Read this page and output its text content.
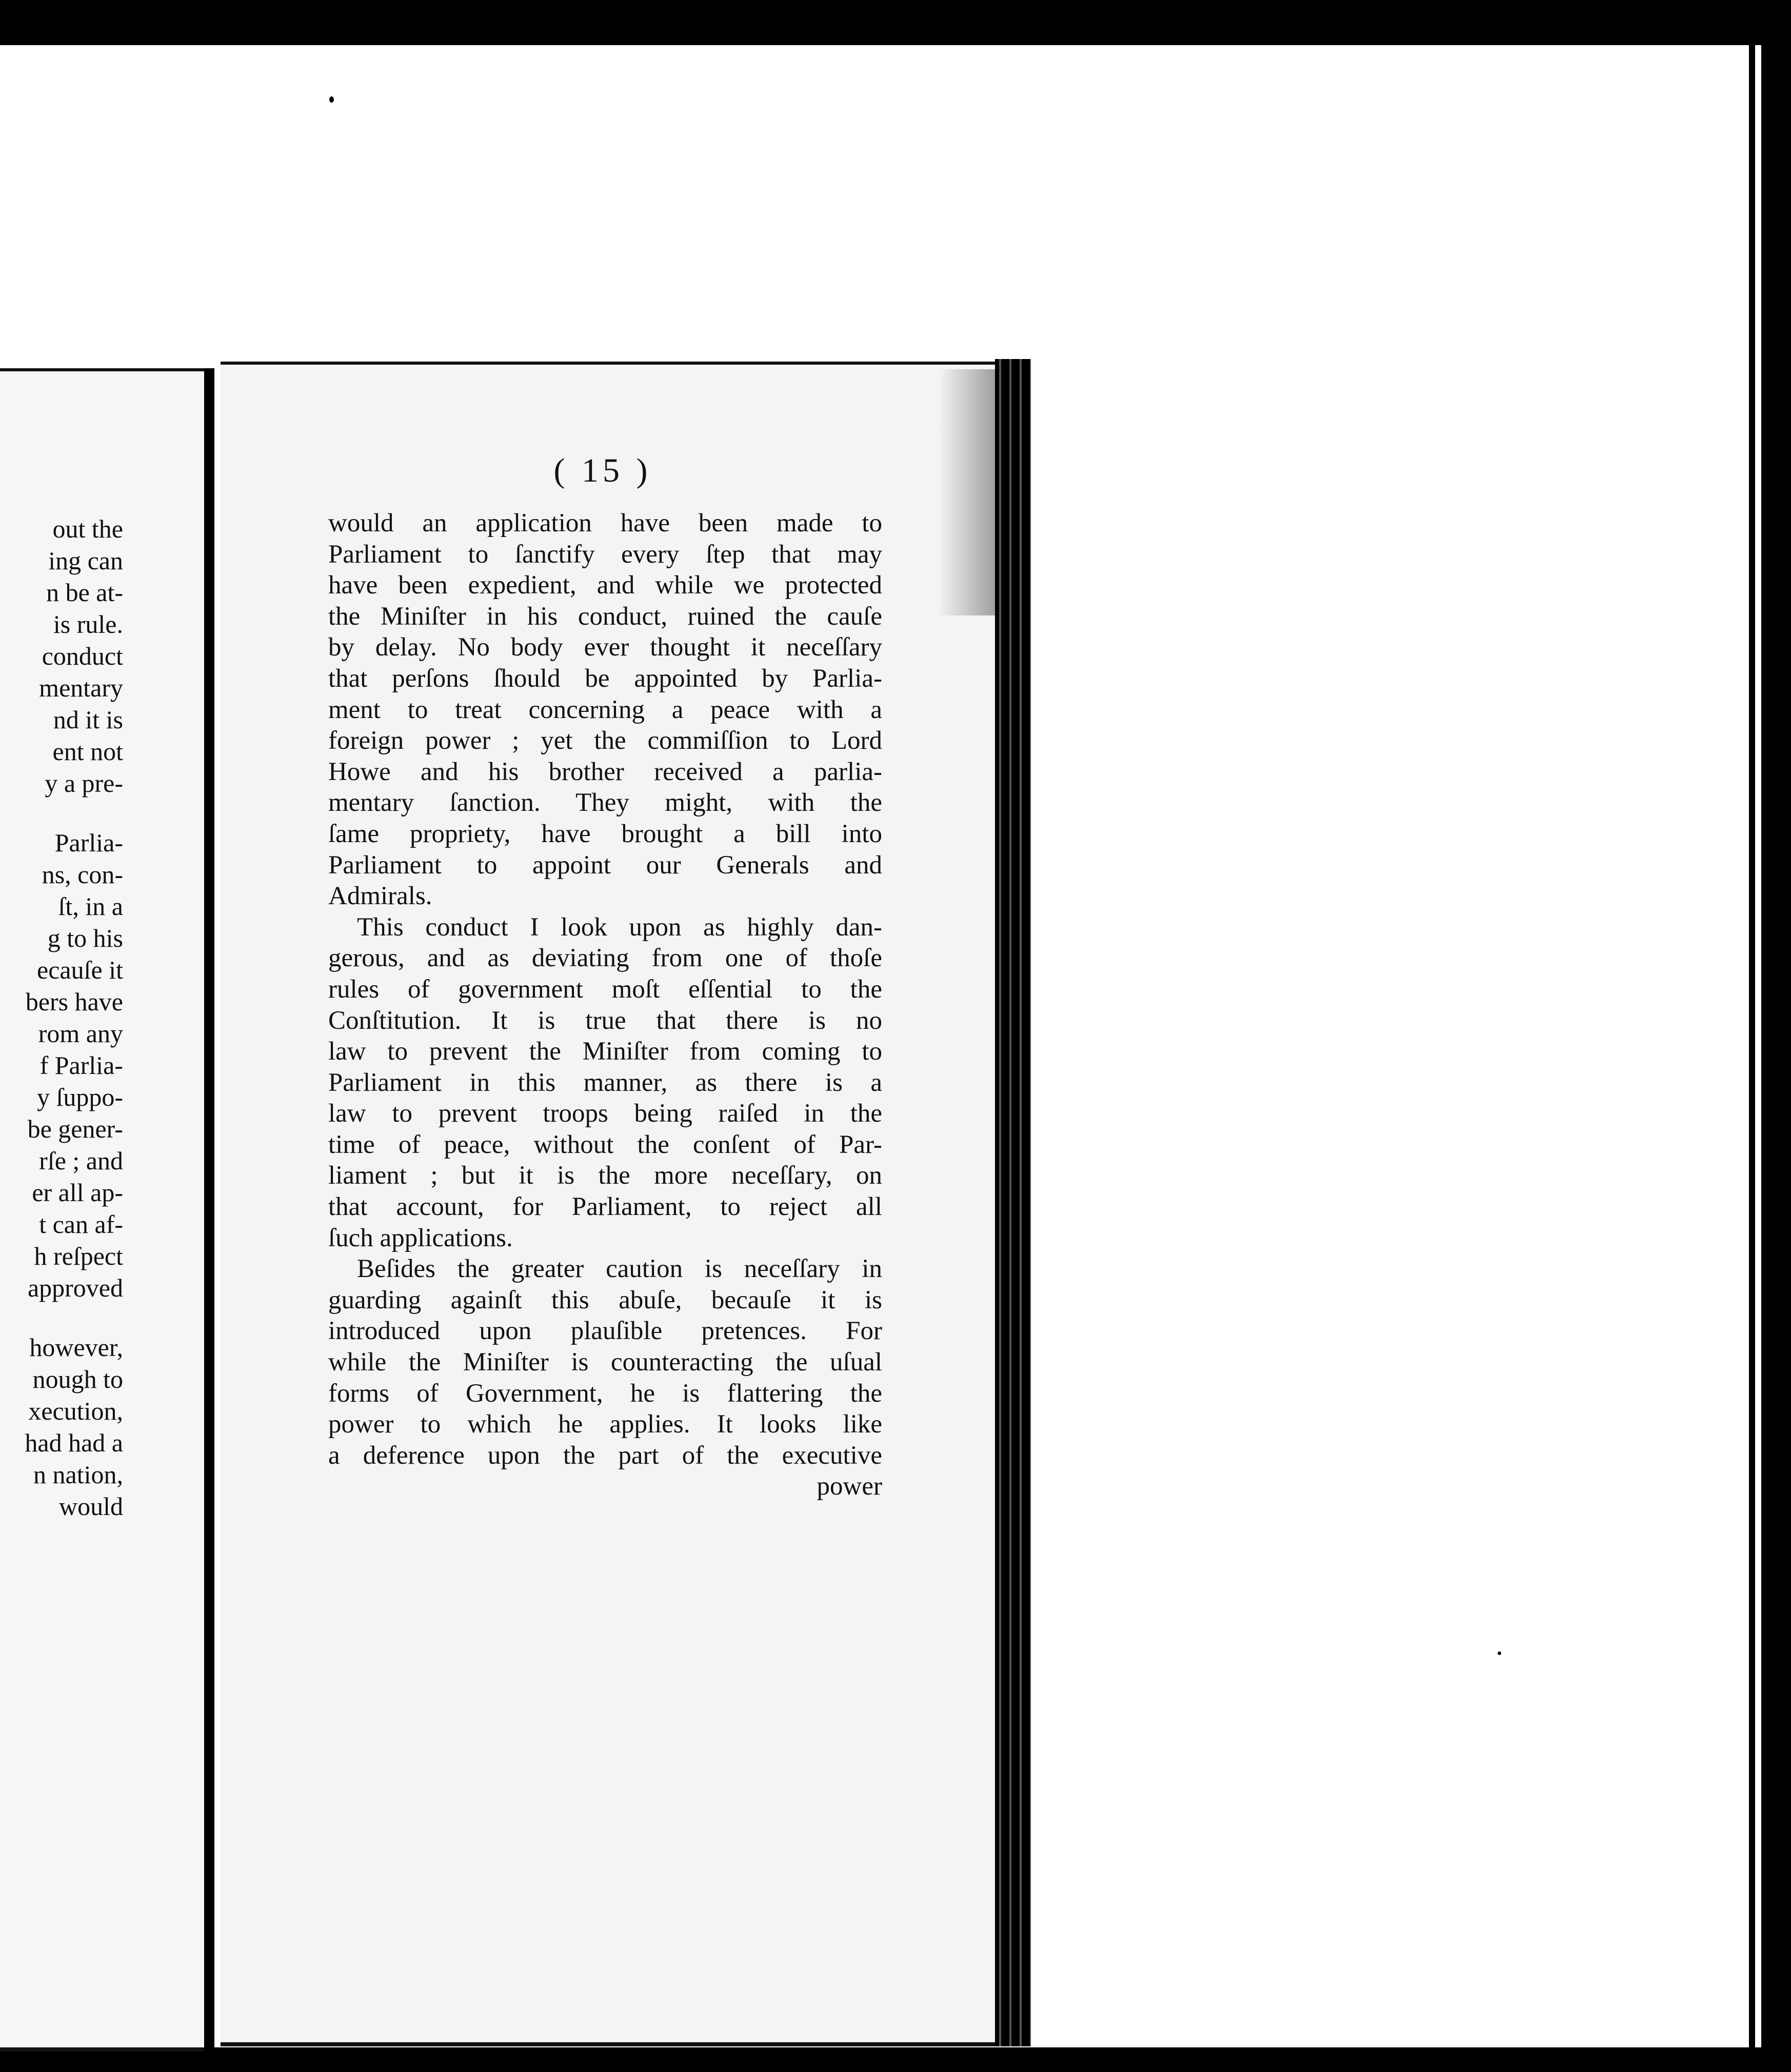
out the
ing can
n be at-
is rule.
conduct
mentary
nd it is
ent not
y a pre-
Parlia-
ns, con-
ſt, in a
g to his
ecauſe it
bers have
rom any
f Parlia-
y ſuppo-
be gener-
rſe ; and
er all ap-
t can af-
h reſpect
approved
however,
nough to
xecution,
had had a
n nation,
would
( 15 )
would an application have been made to
Parliament to ſanctify every ſtep that may
have been expedient, and while we protected
the Miniſter in his conduct, ruined the cauſe
by delay. No body ever thought it neceſſary
that perſons ſhould be appointed by Parlia-
ment to treat concerning a peace with a
foreign power ; yet the commiſſion to Lord
Howe and his brother received a parlia-
mentary ſanction. They might, with the
ſame propriety, have brought a bill into
Parliament to appoint our Generals and
Admirals.
This conduct I look upon as highly dan-
gerous, and as deviating from one of thoſe
rules of government moſt eſſential to the
Conſtitution. It is true that there is no
law to prevent the Miniſter from coming to
Parliament in this manner, as there is a
law to prevent troops being raiſed in the
time of peace, without the conſent of Par-
liament ; but it is the more neceſſary, on
that account, for Parliament, to reject all
ſuch applications.
Beſides the greater caution is neceſſary in
guarding againſt this abuſe, becauſe it is
introduced upon plauſible pretences. For
while the Miniſter is counteracting the uſual
forms of Government, he is flattering the
power to which he applies. It looks like
a deference upon the part of the executive
power
